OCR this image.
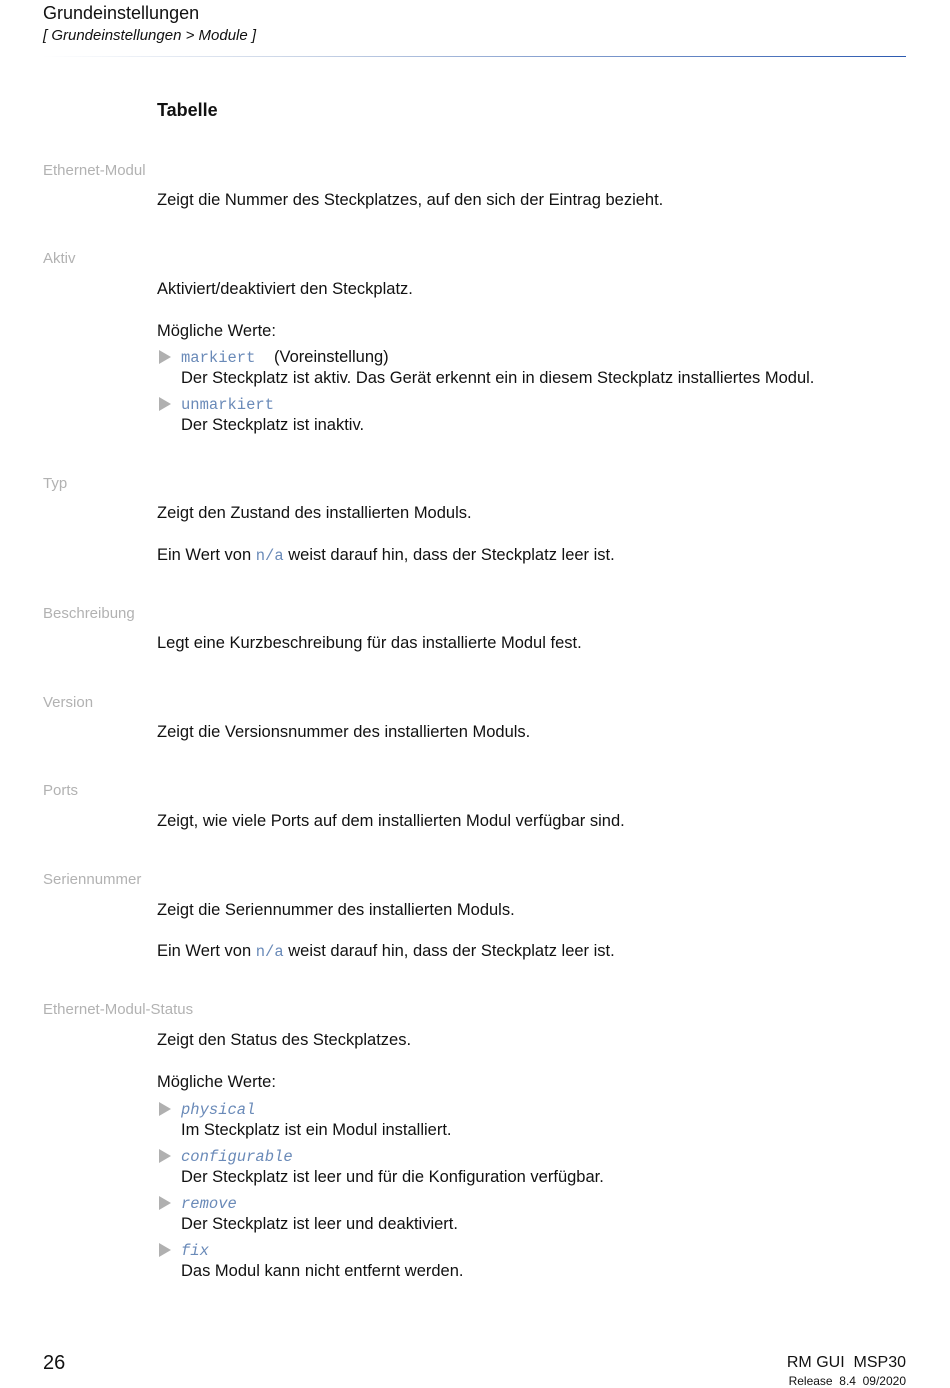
Grundeinstellungen
[ Grundeinstellungen > Module ]
Tabelle
Ethernet-Modul
Zeigt die Nummer des Steckplatzes, auf den sich der Eintrag bezieht.
Aktiv
Aktiviert/deaktiviert den Steckplatz.
Mögliche Werte:
markiert (Voreinstellung)
Der Steckplatz ist aktiv. Das Gerät erkennt ein in diesem Steckplatz installiertes Modul.
unmarkiert
Der Steckplatz ist inaktiv.
Typ
Zeigt den Zustand des installierten Moduls.
Ein Wert von n/a weist darauf hin, dass der Steckplatz leer ist.
Beschreibung
Legt eine Kurzbeschreibung für das installierte Modul fest.
Version
Zeigt die Versionsnummer des installierten Moduls.
Ports
Zeigt, wie viele Ports auf dem installierten Modul verfügbar sind.
Seriennummer
Zeigt die Seriennummer des installierten Moduls.
Ein Wert von n/a weist darauf hin, dass der Steckplatz leer ist.
Ethernet-Modul-Status
Zeigt den Status des Steckplatzes.
Mögliche Werte:
physical
Im Steckplatz ist ein Modul installiert.
configurable
Der Steckplatz ist leer und für die Konfiguration verfügbar.
remove
Der Steckplatz ist leer und deaktiviert.
fix
Das Modul kann nicht entfernt werden.
26	RM GUI  MSP30
Release  8.4  09/2020
